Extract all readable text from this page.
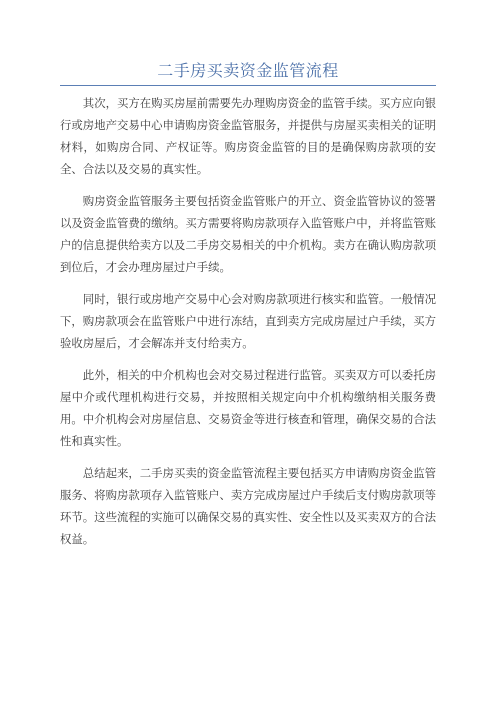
二手房买卖资金监管流程

其次，买方在购买房屋前需要先办理购房资金的监管手续。买方应向银行或房地产交易中心申请购房资金监管服务，并提供与房屋买卖相关的证明材料，如购房合同、产权证等。购房资金监管的目的是确保购房款项的安全、合法以及交易的真实性。

购房资金监管服务主要包括资金监管账户的开立、资金监管协议的签署以及资金监管费的缴纳。买方需要将购房款项存入监管账户中，并将监管账户的信息提供给卖方以及二手房交易相关的中介机构。卖方在确认购房款项到位后，才会办理房屋过户手续。

同时，银行或房地产交易中心会对购房款项进行核实和监管。一般情况下，购房款项会在监管账户中进行冻结，直到卖方完成房屋过户手续，买方验收房屋后，才会解冻并支付给卖方。

此外，相关的中介机构也会对交易过程进行监管。买卖双方可以委托房屋中介或代理机构进行交易，并按照相关规定向中介机构缴纳相关服务费用。中介机构会对房屋信息、交易资金等进行核查和管理，确保交易的合法性和真实性。

总结起来，二手房买卖的资金监管流程主要包括买方申请购房资金监管服务、将购房款项存入监管账户、卖方完成房屋过户手续后支付购房款项等环节。这些流程的实施可以确保交易的真实性、安全性以及买卖双方的合法权益。
